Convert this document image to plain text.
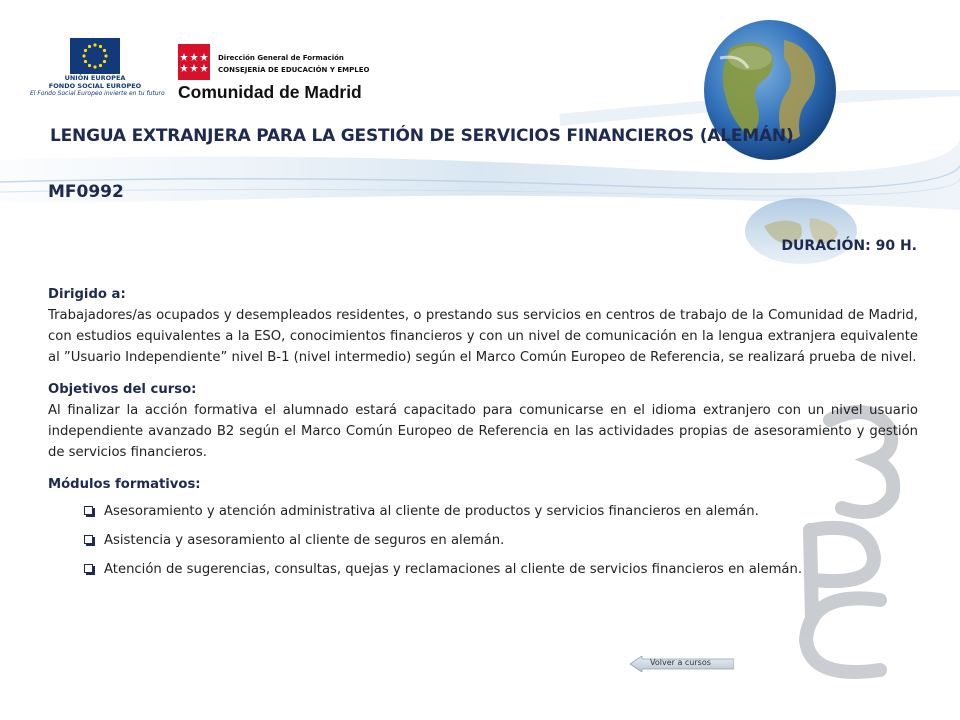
UNIÓN EUROPEA
FONDO SOCIAL EUROPEO
El Fondo Social Europeo invierte en tu futuro
Dirección General de Formación
CONSEJERÍA DE EDUCACIÓN Y EMPLEO
Comunidad de Madrid
LENGUA EXTRANJERA PARA LA GESTIÓN DE SERVICIOS FINANCIEROS (ALEMÁN)
MF0992
DURACIÓN: 90 H.
Dirigido a:

Trabajadores/as ocupados y desempleados residentes, o prestando sus servicios en centros de trabajo de la Comunidad de Madrid, con estudios equivalentes a la ESO, conocimientos financieros y con un nivel de comunicación en la lengua extranjera equivalente al ”Usuario Independiente” nivel B-1 (nivel intermedio) según el Marco Común Europeo de Referencia, se realizará prueba de nivel.

Objetivos del curso:

Al finalizar la acción formativa el alumnado estará capacitado para comunicarse en el idioma extranjero con un nivel usuario independiente avanzado B2 según el Marco Común Europeo de Referencia en las actividades propias de asesoramiento y gestión de servicios financieros.

Módulos formativos:
Asesoramiento y atención administrativa al cliente de productos y servicios financieros en alemán.
Asistencia y asesoramiento al cliente de seguros en alemán.
Atención de sugerencias, consultas, quejas y reclamaciones al cliente de servicios financieros en alemán.
Volver a cursos
